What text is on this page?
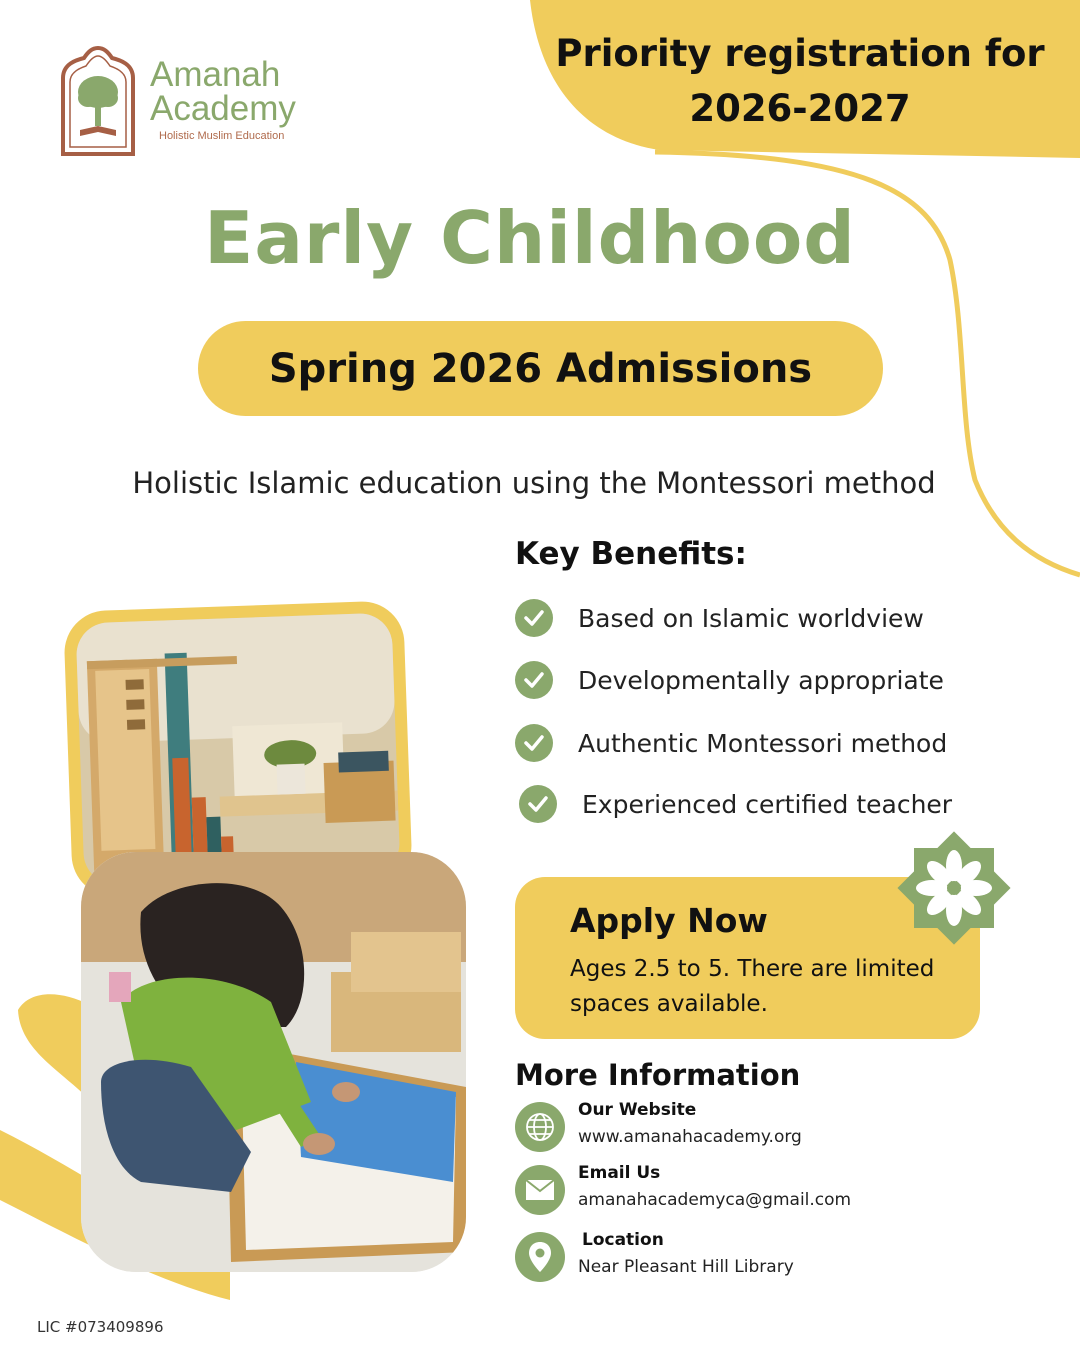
Amanah
Academy
Holistic Muslim Education
Priority registration for
2026-2027
Early Childhood
Spring 2026 Admissions
Holistic Islamic education using the Montessori method
Key Benefits:
Based on Islamic worldview
Developmentally appropriate
Authentic Montessori method
Experienced certified teacher
Apply Now
Ages 2.5 to 5. There are limited spaces available.
More Information
Our Website
www.amanahacademy.org
Email Us
amanahacademyca@gmail.com
Location
Near Pleasant Hill Library
LIC #073409896
